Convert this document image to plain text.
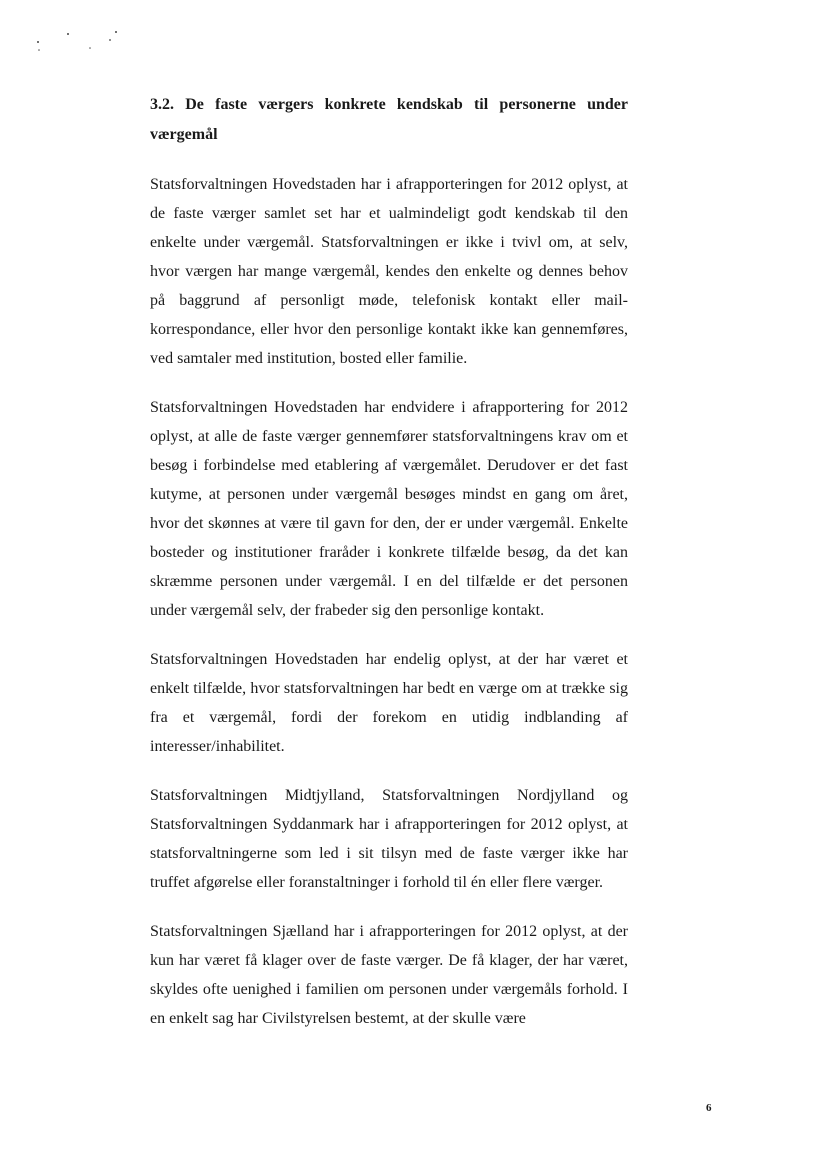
3.2. De faste værgers konkrete kendskab til personerne under værgemål

Statsforvaltningen Hovedstaden har i afrapporteringen for 2012 oplyst, at de faste værger samlet set har et ualmindeligt godt kendskab til den enkelte under værgemål. Statsforvaltningen er ikke i tvivl om, at selv, hvor værgen har mange værgemål, kendes den enkelte og dennes behov på baggrund af personligt møde, telefonisk kontakt eller mailkorrespondance, eller hvor den personlige kontakt ikke kan gennemføres, ved samtaler med institution, bosted eller familie.

Statsforvaltningen Hovedstaden har endvidere i afrapportering for 2012 oplyst, at alle de faste værger gennemfører statsforvaltningens krav om et besøg i forbindelse med etablering af værgemålet. Derudover er det fast kutyme, at personen under værgemål besøges mindst en gang om året, hvor det skønnes at være til gavn for den, der er under værgemål. Enkelte bosteder og institutioner fraråder i konkrete tilfælde besøg, da det kan skræmme personen under værgemål. I en del tilfælde er det personen under værgemål selv, der frabeder sig den personlige kontakt.

Statsforvaltningen Hovedstaden har endelig oplyst, at der har været et enkelt tilfælde, hvor statsforvaltningen har bedt en værge om at trække sig fra et værgemål, fordi der forekom en utidig indblanding af interesser/inhabilitet.

Statsforvaltningen Midtjylland, Statsforvaltningen Nordjylland og Statsforvaltningen Syddanmark har i afrapporteringen for 2012 oplyst, at statsforvaltningerne som led i sit tilsyn med de faste værger ikke har truffet afgørelse eller foranstaltninger i forhold til én eller flere værger.

Statsforvaltningen Sjælland har i afrapporteringen for 2012 oplyst, at der kun har været få klager over de faste værger. De få klager, der har været, skyldes ofte uenighed i familien om personen under værgemåls forhold. I en enkelt sag har Civilstyrelsen bestemt, at der skulle være

6
